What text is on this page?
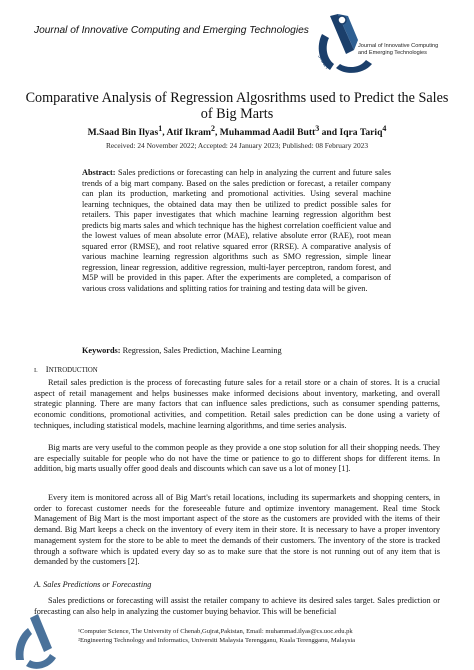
Journal of Innovative Computing and Emerging Technologies
JICET
Journal of Innovative Computing
and Emerging Technologies
Comparative Analysis of Regression Algosrithms used to Predict the Sales of Big Marts
M.Saad Bin Ilyas$^1$, Atif Ikram$^2$, Muhammad Aadil Butt$^3$ and Iqra Tariq$^4$
Received: 24 November 2022; Accepted: 24 January 2023; Published: 08 February 2023
Abstract: Sales predictions or forecasting can help in analyzing the current and future sales trends of a big mart company. Based on the sales prediction or forecast, a retailer company can plan its production, marketing and promotional activities. Using several machine learning techniques, the obtained data may then be utilized to predict possible sales for retailers. This paper investigates that which machine learning regression algorithm best predicts big marts sales and which technique has the highest correlation coefficient value and the lowest values of mean absolute error (MAE), relative absolute error (RAE), root mean squared error (RMSE), and root relative squared error (RRSE). A comparative analysis of various machine learning regression algorithms such as SMO regression, simple linear regression, linear regression, additive regression, multi-layer perceptron, random forest, and M5P will be provided in this paper. After the experiments are completed, a comparison of various cross validations and splitting ratios for training and testing data will be given.
Keywords: Regression, Sales Prediction, Machine Learning
I. INTRODUCTION
Retail sales prediction is the process of forecasting future sales for a retail store or a chain of stores. It is a crucial aspect of retail management and helps businesses make informed decisions about inventory, marketing, and overall strategic planning. There are many factors that can influence sales predictions, such as consumer spending patterns, economic conditions, promotional activities, and competition. Retail sales prediction can be done using a variety of techniques, including statistical models, machine learning algorithms, and time series analysis.
Big marts are very useful to the common people as they provide a one stop solution for all their shopping needs. They are especially suitable for people who do not have the time or patience to go to different shops for different items. In addition, big marts usually offer good deals and discounts which can save us a lot of money [1].
Every item is monitored across all of Big Mart's retail locations, including its supermarkets and shopping centers, in order to forecast customer needs for the foreseeable future and optimize inventory management. Real time Stock Management of Big Mart is the most important aspect of the store as the customers are provided with the items of their demand. Big Mart keeps a check on the inventory of every item in their store. It is necessary to have a proper inventory management system for the store to be able to meet the demands of their customers. The inventory of the store is tracked through a software which is updated every day so as to make sure that the store is not running out of any item that is demanded by the customers [2].
A. Sales Predictions or Forecasting
Sales predictions or forecasting will assist the retailer company to achieve its desired sales target. Sales prediction or forecasting can also help in analyzing the customer buying behavior. This will be beneficial
¹Computer Science, The University of Chenab,Gujrat,Pakistan, Email: muhammad.ilyas@cs.uoc.edu.pk
²Engineering Technology and Informatics, Universiti Malaysia Terengganu, Kuala Terengganu, Malaysia
